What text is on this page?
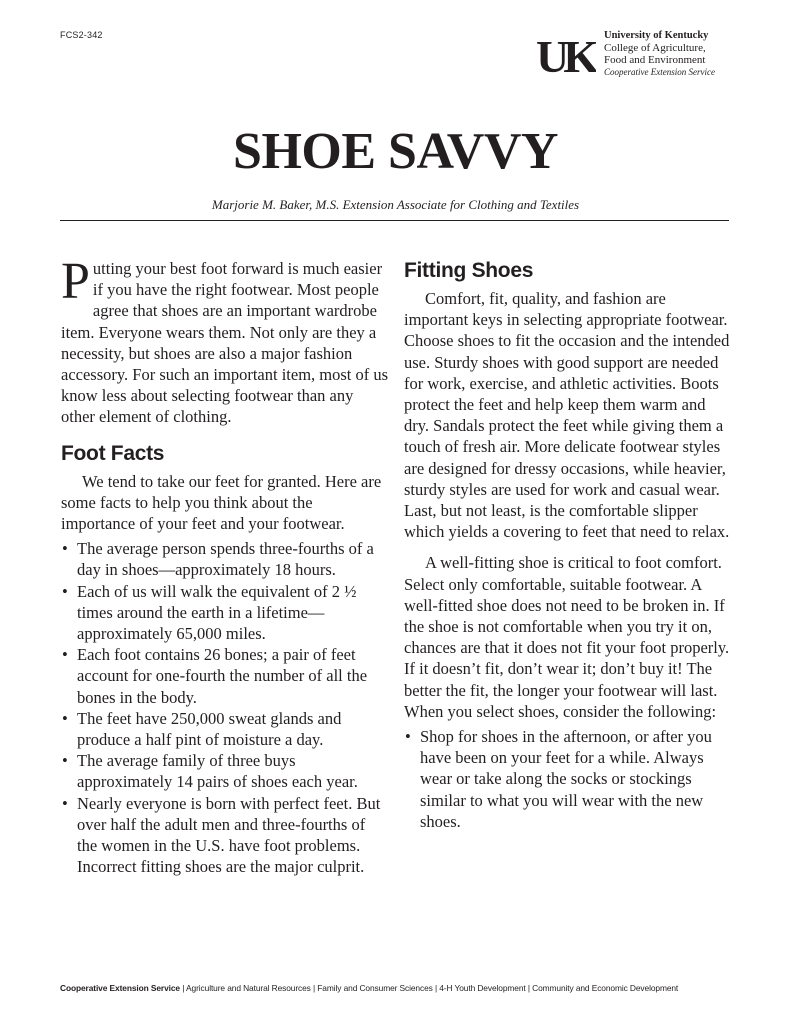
FCS2-342	UK	University of Kentucky
College of Agriculture,
Food and Environment
Cooperative Extension Service
SHOE SAVVY
Marjorie M. Baker, M.S. Extension Associate for Clothing and Textiles

Putting your best foot forward is much easier if you have the right footwear. Most people agree that shoes are an important wardrobe item. Everyone wears them. Not only are they a necessity, but shoes are also a major fashion accessory. For such an important item, most of us know less about selecting footwear than any other element of clothing.

Foot Facts

We tend to take our feet for granted. Here are some facts to help you think about the importance of your feet and your footwear.

• The average person spends three-fourths of a day in shoes—approximately 18 hours.
• Each of us will walk the equivalent of 2 ½ times around the earth in a lifetime—approximately 65,000 miles.
• Each foot contains 26 bones; a pair of feet account for one-fourth the number of all the bones in the body.
• The feet have 250,000 sweat glands and produce a half pint of moisture a day.
• The average family of three buys approximately 14 pairs of shoes each year.
• Nearly everyone is born with perfect feet. But over half the adult men and three-fourths of the women in the U.S. have foot problems. Incorrect fitting shoes are the major culprit.
Fitting Shoes

Comfort, fit, quality, and fashion are important keys in selecting appropriate footwear. Choose shoes to fit the occasion and the intended use. Sturdy shoes with good support are needed for work, exercise, and athletic activities. Boots protect the feet and help keep them warm and dry. Sandals protect the feet while giving them a touch of fresh air. More delicate footwear styles are designed for dressy occasions, while heavier, sturdy styles are used for work and casual wear. Last, but not least, is the comfortable slipper which yields a covering to feet that need to relax.

A well-fitting shoe is critical to foot comfort. Select only comfortable, suitable footwear. A well-fitted shoe does not need to be broken in. If the shoe is not comfortable when you try it on, chances are that it does not fit your foot properly. If it doesn’t fit, don’t wear it; don’t buy it! The better the fit, the longer your footwear will last. When you select shoes, consider the following:

• Shop for shoes in the afternoon, or after you have been on your feet for a while. Always wear or take along the socks or stockings similar to what you will wear with the new shoes.
Cooperative Extension Service | Agriculture and Natural Resources | Family and Consumer Sciences | 4-H Youth Development | Community and Economic Development
